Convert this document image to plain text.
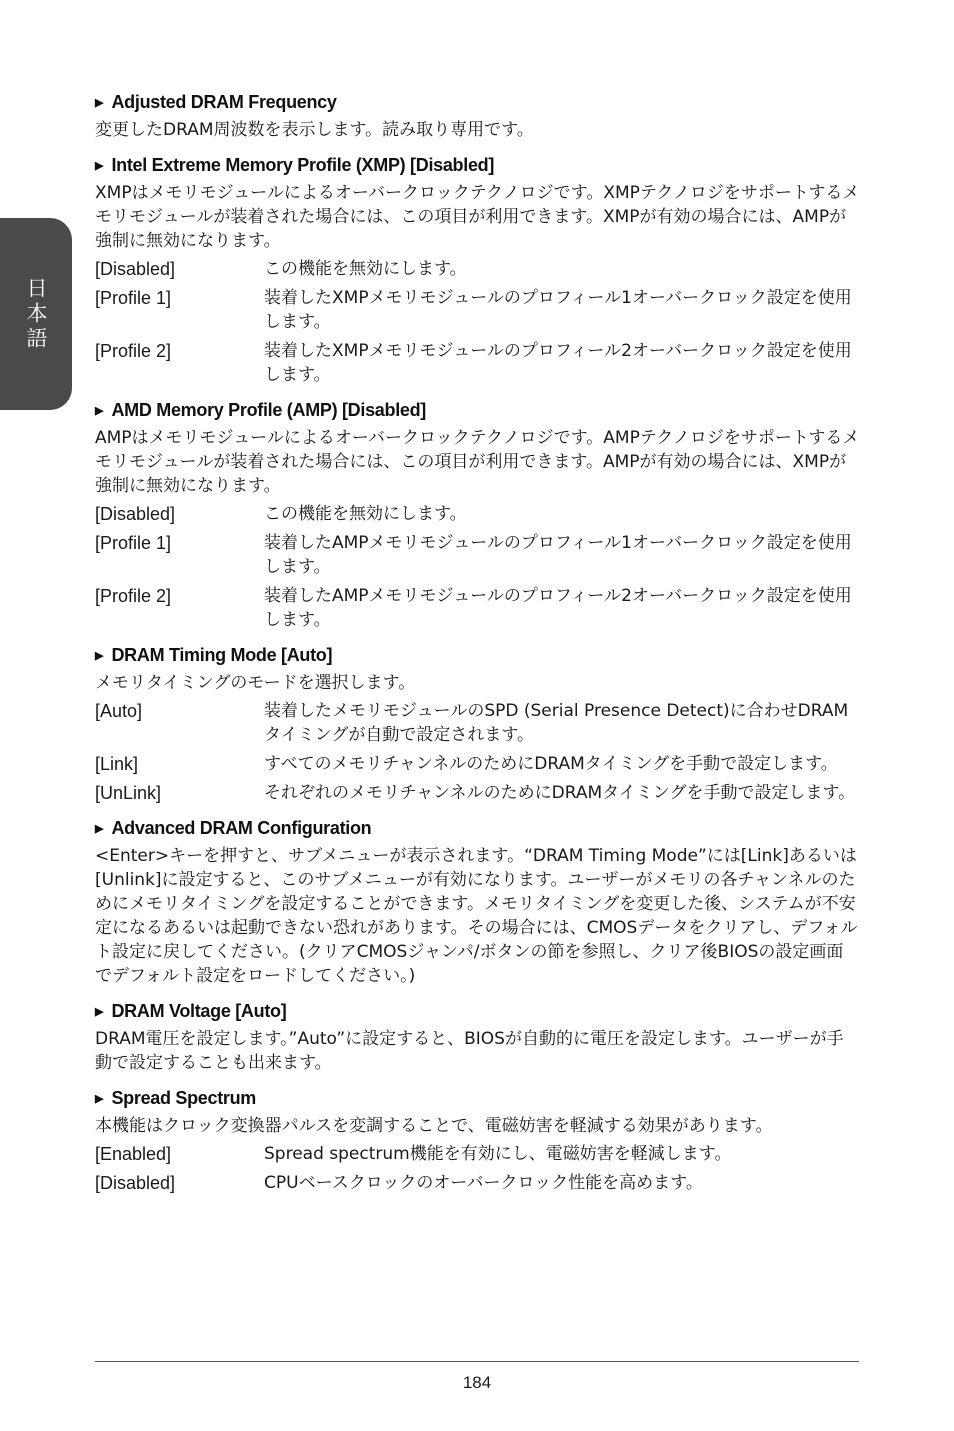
日本語
▶ Adjusted DRAM Frequency
変更したDRAM周波数を表示します。読み取り専用です。
▶ Intel Extreme Memory Profile (XMP) [Disabled]
XMPはメモリモジュールによるオーバークロックテクノロジです。XMPテクノロジをサポートするメモリモジュールが装着された場合には、この項目が利用できます。XMPが有効の場合には、AMPが強制に無効になります。
[Disabled]	この機能を無効にします。
[Profile 1]	装着したXMPメモリモジュールのプロフィール1オーバークロック設定を使用します。
[Profile 2]	装着したXMPメモリモジュールのプロフィール2オーバークロック設定を使用します。
▶ AMD Memory Profile (AMP) [Disabled]
AMPはメモリモジュールによるオーバークロックテクノロジです。AMPテクノロジをサポートするメモリモジュールが装着された場合には、この項目が利用できます。AMPが有効の場合には、XMPが強制に無効になります。
[Disabled]	この機能を無効にします。
[Profile 1]	装着したAMPメモリモジュールのプロフィール1オーバークロック設定を使用します。
[Profile 2]	装着したAMPメモリモジュールのプロフィール2オーバークロック設定を使用します。
▶ DRAM Timing Mode [Auto]
メモリタイミングのモードを選択します。
[Auto]	装着したメモリモジュールのSPD (Serial Presence Detect)に合わせDRAMタイミングが自動で設定されます。
[Link]	すべてのメモリチャンネルのためにDRAMタイミングを手動で設定します。
[UnLink]	それぞれのメモリチャンネルのためにDRAMタイミングを手動で設定します。
▶ Advanced DRAM Configuration
<Enter>キーを押すと、サブメニューが表示されます。“DRAM Timing Mode”には[Link]あるいは[Unlink]に設定すると、このサブメニューが有効になります。ユーザーがメモリの各チャンネルのためにメモリタイミングを設定することができます。メモリタイミングを変更した後、システムが不安定になるあるいは起動できない恐れがあります。その場合には、CMOSデータをクリアし、デフォルト設定に戻してください。(クリアCMOSジャンパ/ボタンの節を参照し、クリア後BIOSの設定画面でデフォルト設定をロードしてください。)
▶ DRAM Voltage [Auto]
DRAM電圧を設定します。”Auto”に設定すると、BIOSが自動的に電圧を設定します。ユーザーが手動で設定することも出来ます。
▶ Spread Spectrum
本機能はクロック変換器パルスを変調することで、電磁妨害を軽減する効果があります。
[Enabled]	Spread spectrum機能を有効にし、電磁妨害を軽減します。
[Disabled]	CPUベースクロックのオーバークロック性能を高めます。
184
